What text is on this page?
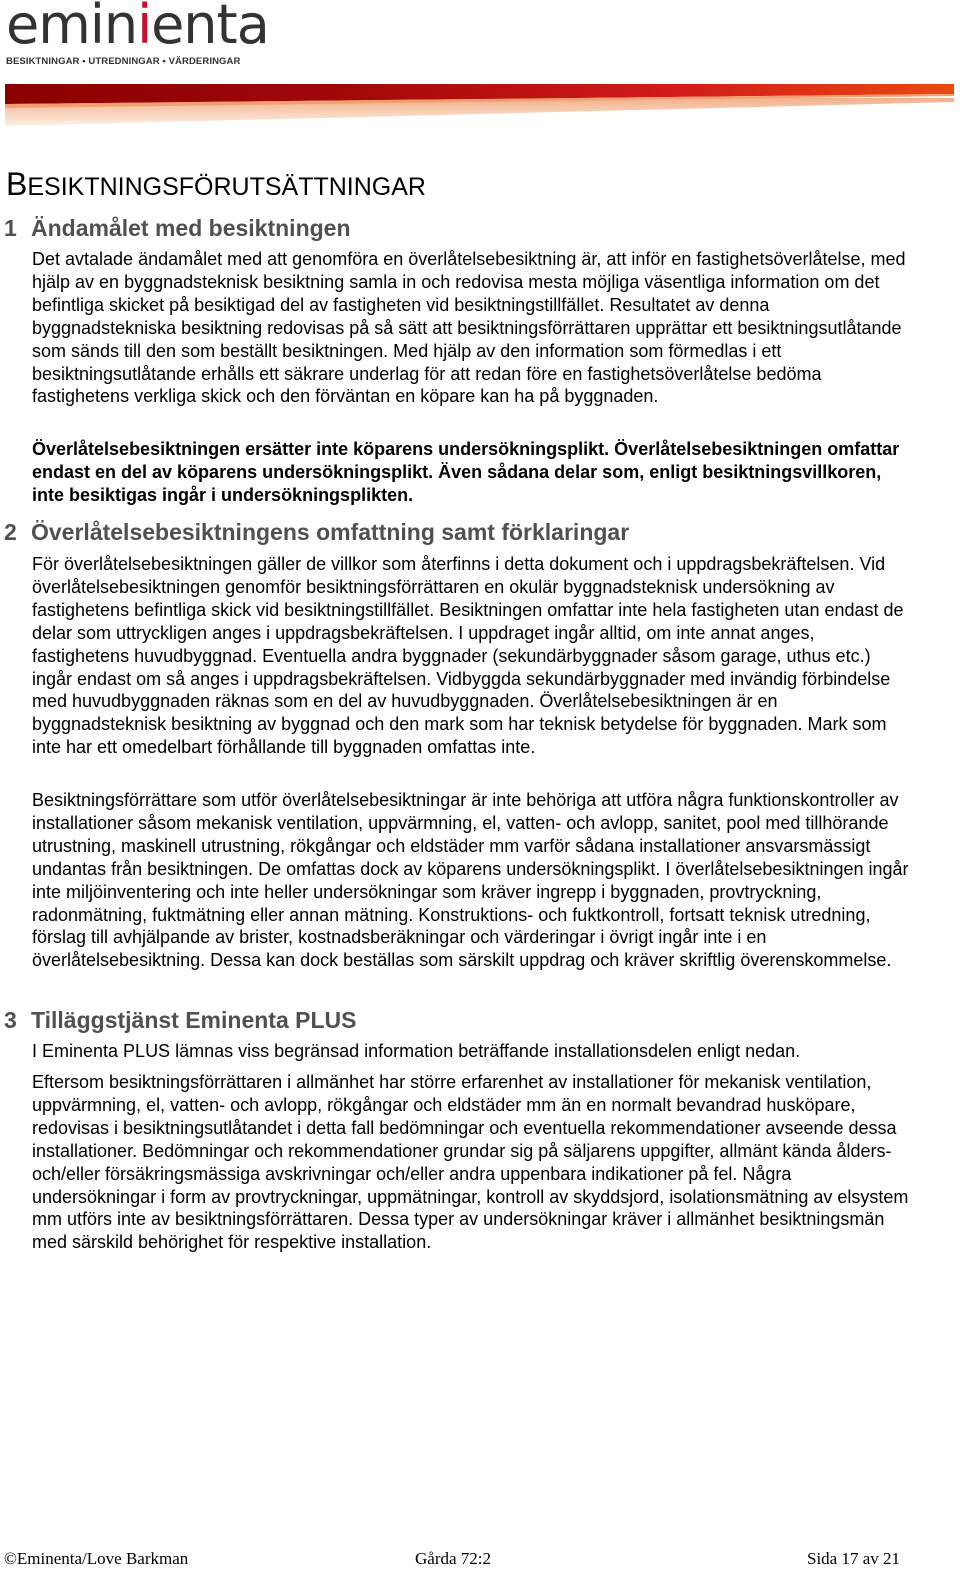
eminienta
BESIKTNINGAR • UTREDNINGAR • VÄRDERINGAR
BESIKTNINGSFÖRUTSÄTTNINGAR
1 Ändamålet med besiktningen

Det avtalade ändamålet med att genomföra en överlåtelsebesiktning är, att inför en fastighetsöverlåtelse, med hjälp av en byggnadsteknisk besiktning samla in och redovisa mesta möjliga väsentliga information om det befintliga skicket på besiktigad del av fastigheten vid besiktningstillfället. Resultatet av denna byggnadstekniska besiktning redovisas på så sätt att besiktningsförrättaren upprättar ett besiktningsutlåtande som sänds till den som beställt besiktningen. Med hjälp av den information som förmedlas i ett besiktningsutlåtande erhålls ett säkrare underlag för att redan före en fastighetsöverlåtelse bedöma fastighetens verkliga skick och den förväntan en köpare kan ha på byggnaden.

Överlåtelsebesiktningen ersätter inte köparens undersökningsplikt. Överlåtelsebesiktningen omfattar endast en del av köparens undersökningsplikt. Även sådana delar som, enligt besiktningsvillkoren, inte besiktigas ingår i undersökningsplikten.

2 Överlåtelsebesiktningens omfattning samt förklaringar

För överlåtelsebesiktningen gäller de villkor som återfinns i detta dokument och i uppdragsbekräftelsen. Vid överlåtelsebesiktningen genomför besiktningsförrättaren en okulär byggnadsteknisk undersökning av fastighetens befintliga skick vid besiktningstillfället. Besiktningen omfattar inte hela fastigheten utan endast de delar som uttryckligen anges i uppdragsbekräftelsen. I uppdraget ingår alltid, om inte annat anges, fastighetens huvudbyggnad. Eventuella andra byggnader (sekundärbyggnader såsom garage, uthus etc.) ingår endast om så anges i uppdragsbekräftelsen. Vidbyggda sekundärbyggnader med invändig förbindelse med huvudbyggnaden räknas som en del av huvudbyggnaden. Överlåtelsebesiktningen är en byggnadsteknisk besiktning av byggnad och den mark som har teknisk betydelse för byggnaden. Mark som inte har ett omedelbart förhållande till byggnaden omfattas inte.

Besiktningsförrättare som utför överlåtelsebesiktningar är inte behöriga att utföra några funktionskontroller av installationer såsom mekanisk ventilation, uppvärmning, el, vatten- och avlopp, sanitet, pool med tillhörande utrustning, maskinell utrustning, rökgångar och eldstäder mm varför sådana installationer ansvarsmässigt undantas från besiktningen. De omfattas dock av köparens undersökningsplikt. I överlåtelsebesiktningen ingår inte miljöinventering och inte heller undersökningar som kräver ingrepp i byggnaden, provtryckning, radonmätning, fuktmätning eller annan mätning. Konstruktions- och fuktkontroll, fortsatt teknisk utredning, förslag till avhjälpande av brister, kostnadsberäkningar och värderingar i övrigt ingår inte i en överlåtelsebesiktning. Dessa kan dock beställas som särskilt uppdrag och kräver skriftlig överenskommelse.

3 Tilläggstjänst Eminenta PLUS

I Eminenta PLUS lämnas viss begränsad information beträffande installationsdelen enligt nedan.

Eftersom besiktningsförrättaren i allmänhet har större erfarenhet av installationer för mekanisk ventilation, uppvärmning, el, vatten- och avlopp, rökgångar och eldstäder mm än en normalt bevandrad husköpare, redovisas i besiktningsutlåtandet i detta fall bedömningar och eventuella rekommendationer avseende dessa installationer. Bedömningar och rekommendationer grundar sig på säljarens uppgifter, allmänt kända ålders- och/eller försäkringsmässiga avskrivningar och/eller andra uppenbara indikationer på fel. Några undersökningar i form av provtryckningar, uppmätningar, kontroll av skyddsjord, isolationsmätning av elsystem mm utförs inte av besiktningsförrättaren. Dessa typer av undersökningar kräver i allmänhet besiktningsmän med särskild behörighet för respektive installation.

©Eminenta/Love Barkman	Gårda 72:2	Sida 17 av 21
